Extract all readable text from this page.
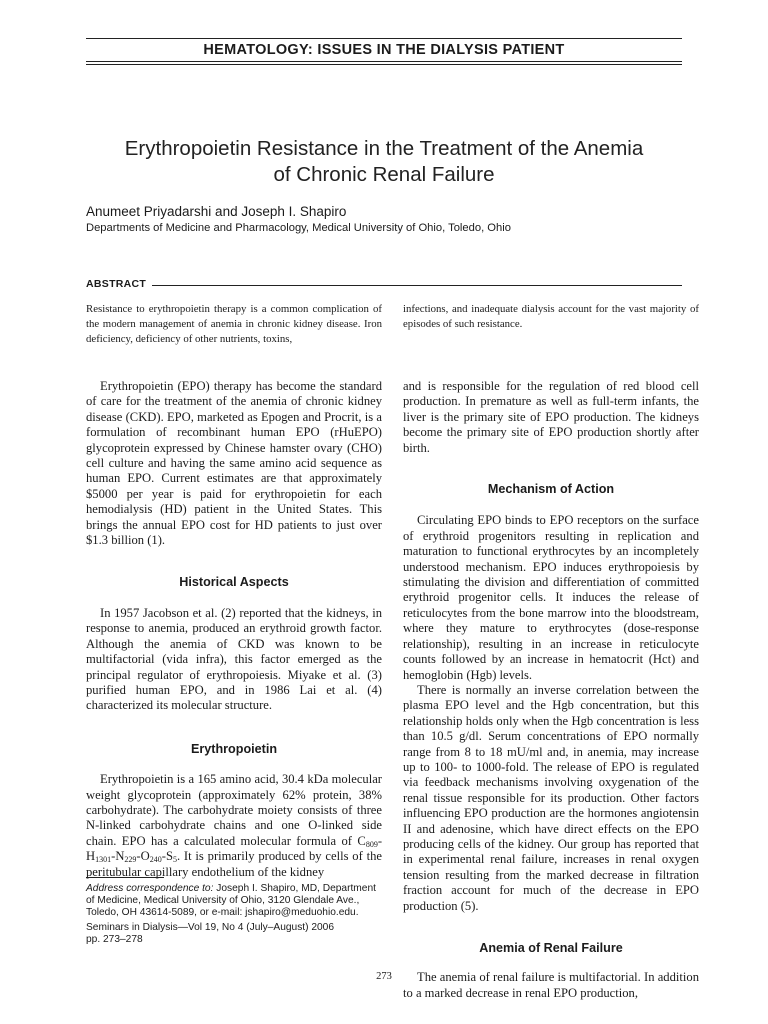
HEMATOLOGY: ISSUES IN THE DIALYSIS PATIENT
Erythropoietin Resistance in the Treatment of the Anemia
of Chronic Renal Failure
Anumeet Priyadarshi and Joseph I. Shapiro
Departments of Medicine and Pharmacology, Medical University of Ohio, Toledo, Ohio
ABSTRACT
Resistance to erythropoietin therapy is a common complication of the modern management of anemia in chronic kidney disease. Iron deficiency, deficiency of other nutrients, toxins,
infections, and inadequate dialysis account for the vast majority of episodes of such resistance.

Erythropoietin (EPO) therapy has become the standard of care for the treatment of the anemia of chronic kidney disease (CKD). EPO, marketed as Epogen and Procrit, is a formulation of recombinant human EPO (rHuEPO) glycoprotein expressed by Chinese hamster ovary (CHO) cell culture and having the same amino acid sequence as human EPO. Current estimates are that approximately $5000 per year is paid for erythropoietin for each hemodialysis (HD) patient in the United States. This brings the annual EPO cost for HD patients to just over $1.3 billion (1).

Historical Aspects

In 1957 Jacobson et al. (2) reported that the kidneys, in response to anemia, produced an erythroid growth factor. Although the anemia of CKD was known to be multifactorial (vida infra), this factor emerged as the principal regulator of erythropoiesis. Miyake et al. (3) purified human EPO, and in 1986 Lai et al. (4) characterized its molecular structure.

Erythropoietin

Erythropoietin is a 165 amino acid, 30.4 kDa molecular weight glycoprotein (approximately 62% protein, 38% carbohydrate). The carbohydrate moiety consists of three N-linked carbohydrate chains and one O-linked side chain. EPO has a calculated molecular formula of $C_{809}-H_{1301}-N_{229}-O_{240}-S_5$. It is primarily produced by cells of the peritubular capillary endothelium of the kidney

and is responsible for the regulation of red blood cell production. In premature as well as full-term infants, the liver is the primary site of EPO production. The kidneys become the primary site of EPO production shortly after birth.

Mechanism of Action

Circulating EPO binds to EPO receptors on the surface of erythroid progenitors resulting in replication and maturation to functional erythrocytes by an incompletely understood mechanism. EPO induces erythropoiesis by stimulating the division and differentiation of committed erythroid progenitor cells. It induces the release of reticulocytes from the bone marrow into the bloodstream, where they mature to erythrocytes (dose-response relationship), resulting in an increase in reticulocyte counts followed by an increase in hematocrit (Hct) and hemoglobin (Hgb) levels.

There is normally an inverse correlation between the plasma EPO level and the Hgb concentration, but this relationship holds only when the Hgb concentration is less than 10.5 g/dl. Serum concentrations of EPO normally range from 8 to 18 mU/ml and, in anemia, may increase up to 100- to 1000-fold. The release of EPO is regulated via feedback mechanisms involving oxygenation of the renal tissue responsible for its production. Other factors influencing EPO production are the hormones angiotensin II and adenosine, which have direct effects on the EPO producing cells of the kidney. Our group has reported that in experimental renal failure, increases in renal oxygen tension resulting from the marked decrease in filtration fraction account for much of the decrease in EPO production (5).

Anemia of Renal Failure

The anemia of renal failure is multifactorial. In addition to a marked decrease in renal EPO production,

Address correspondence to: Joseph I. Shapiro, MD, Department of Medicine, Medical University of Ohio, 3120 Glendale Ave., Toledo, OH 43614-5089, or e-mail: jshapiro@meduohio.edu.
Seminars in Dialysis—Vol 19, No 4 (July–August) 2006
pp. 273–278
273
